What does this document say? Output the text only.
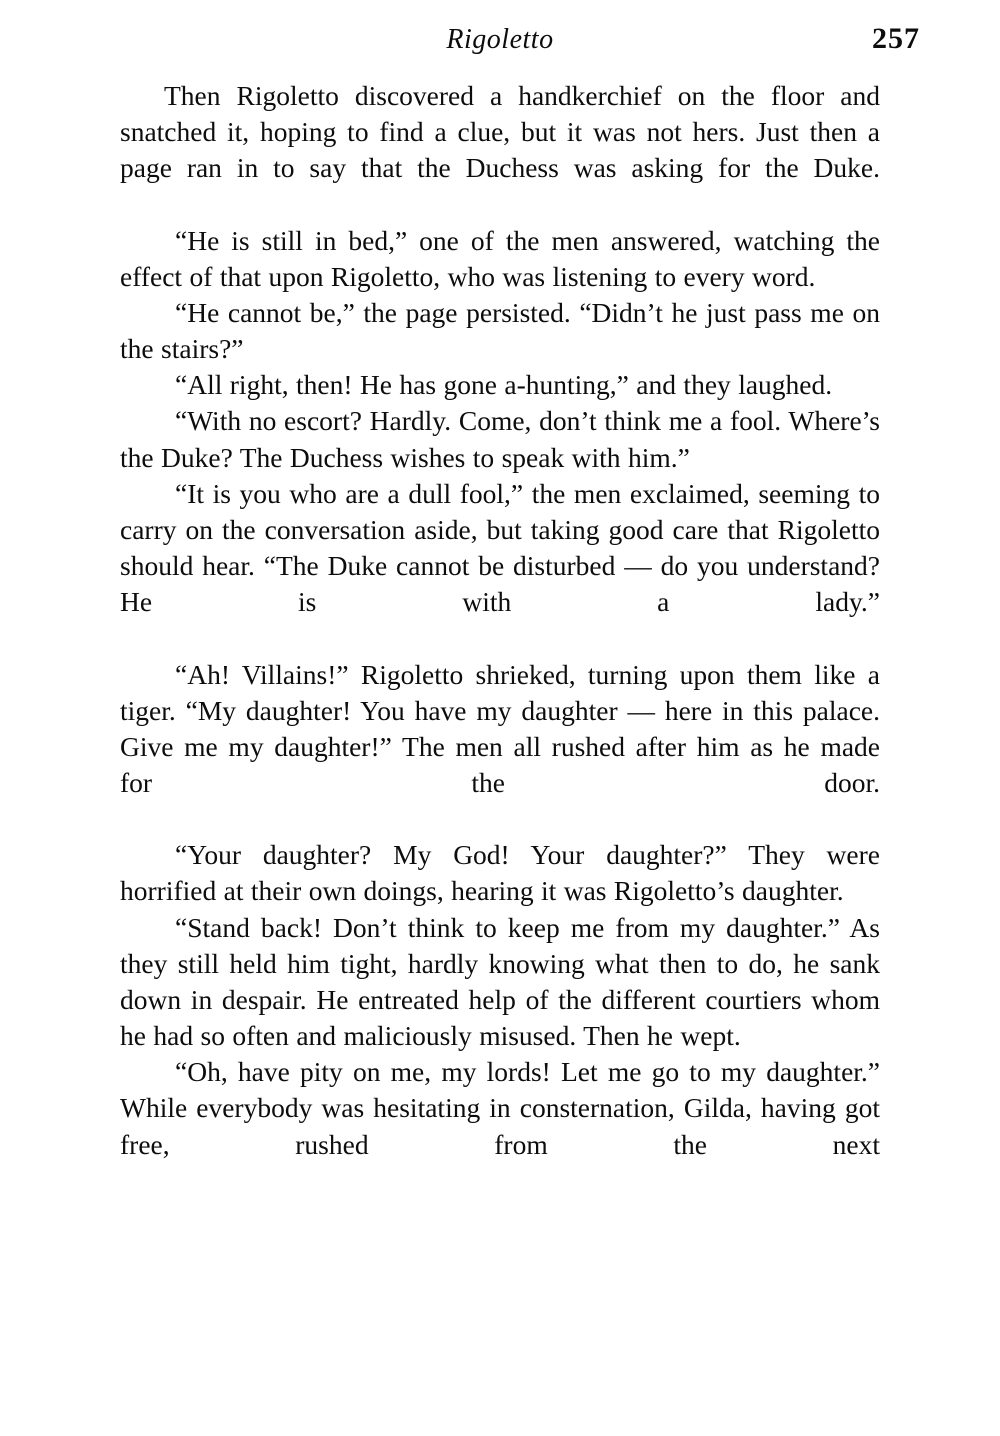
Rigoletto	257

Then Rigoletto discovered a handkerchief on the floor and snatched it, hoping to find a clue, but it was not hers. Just then a page ran in to say that the Duchess was asking for the Duke.

“He is still in bed,” one of the men answered, watching the effect of that upon Rigoletto, who was listening to every word.

“He cannot be,” the page persisted. “Didn’t he just pass me on the stairs?”

“All right, then! He has gone a-hunting,” and they laughed.

“With no escort? Hardly. Come, don’t think me a fool. Where’s the Duke? The Duchess wishes to speak with him.”

“It is you who are a dull fool,” the men exclaimed, seeming to carry on the conversation aside, but taking good care that Rigoletto should hear. “The Duke cannot be disturbed — do you understand? He is with a lady.”

“Ah! Villains!” Rigoletto shrieked, turning upon them like a tiger. “My daughter! You have my daughter — here in this palace. Give me my daughter!” The men all rushed after him as he made for the door.

“Your daughter? My God! Your daughter?” They were horrified at their own doings, hearing it was Rigoletto’s daughter.

“Stand back! Don’t think to keep me from my daughter.” As they still held him tight, hardly knowing what then to do, he sank down in despair. He entreated help of the different courtiers whom he had so often and maliciously misused. Then he wept.

“Oh, have pity on me, my lords! Let me go to my daughter.” While everybody was hesitating in consternation, Gilda, having got free, rushed from the next
